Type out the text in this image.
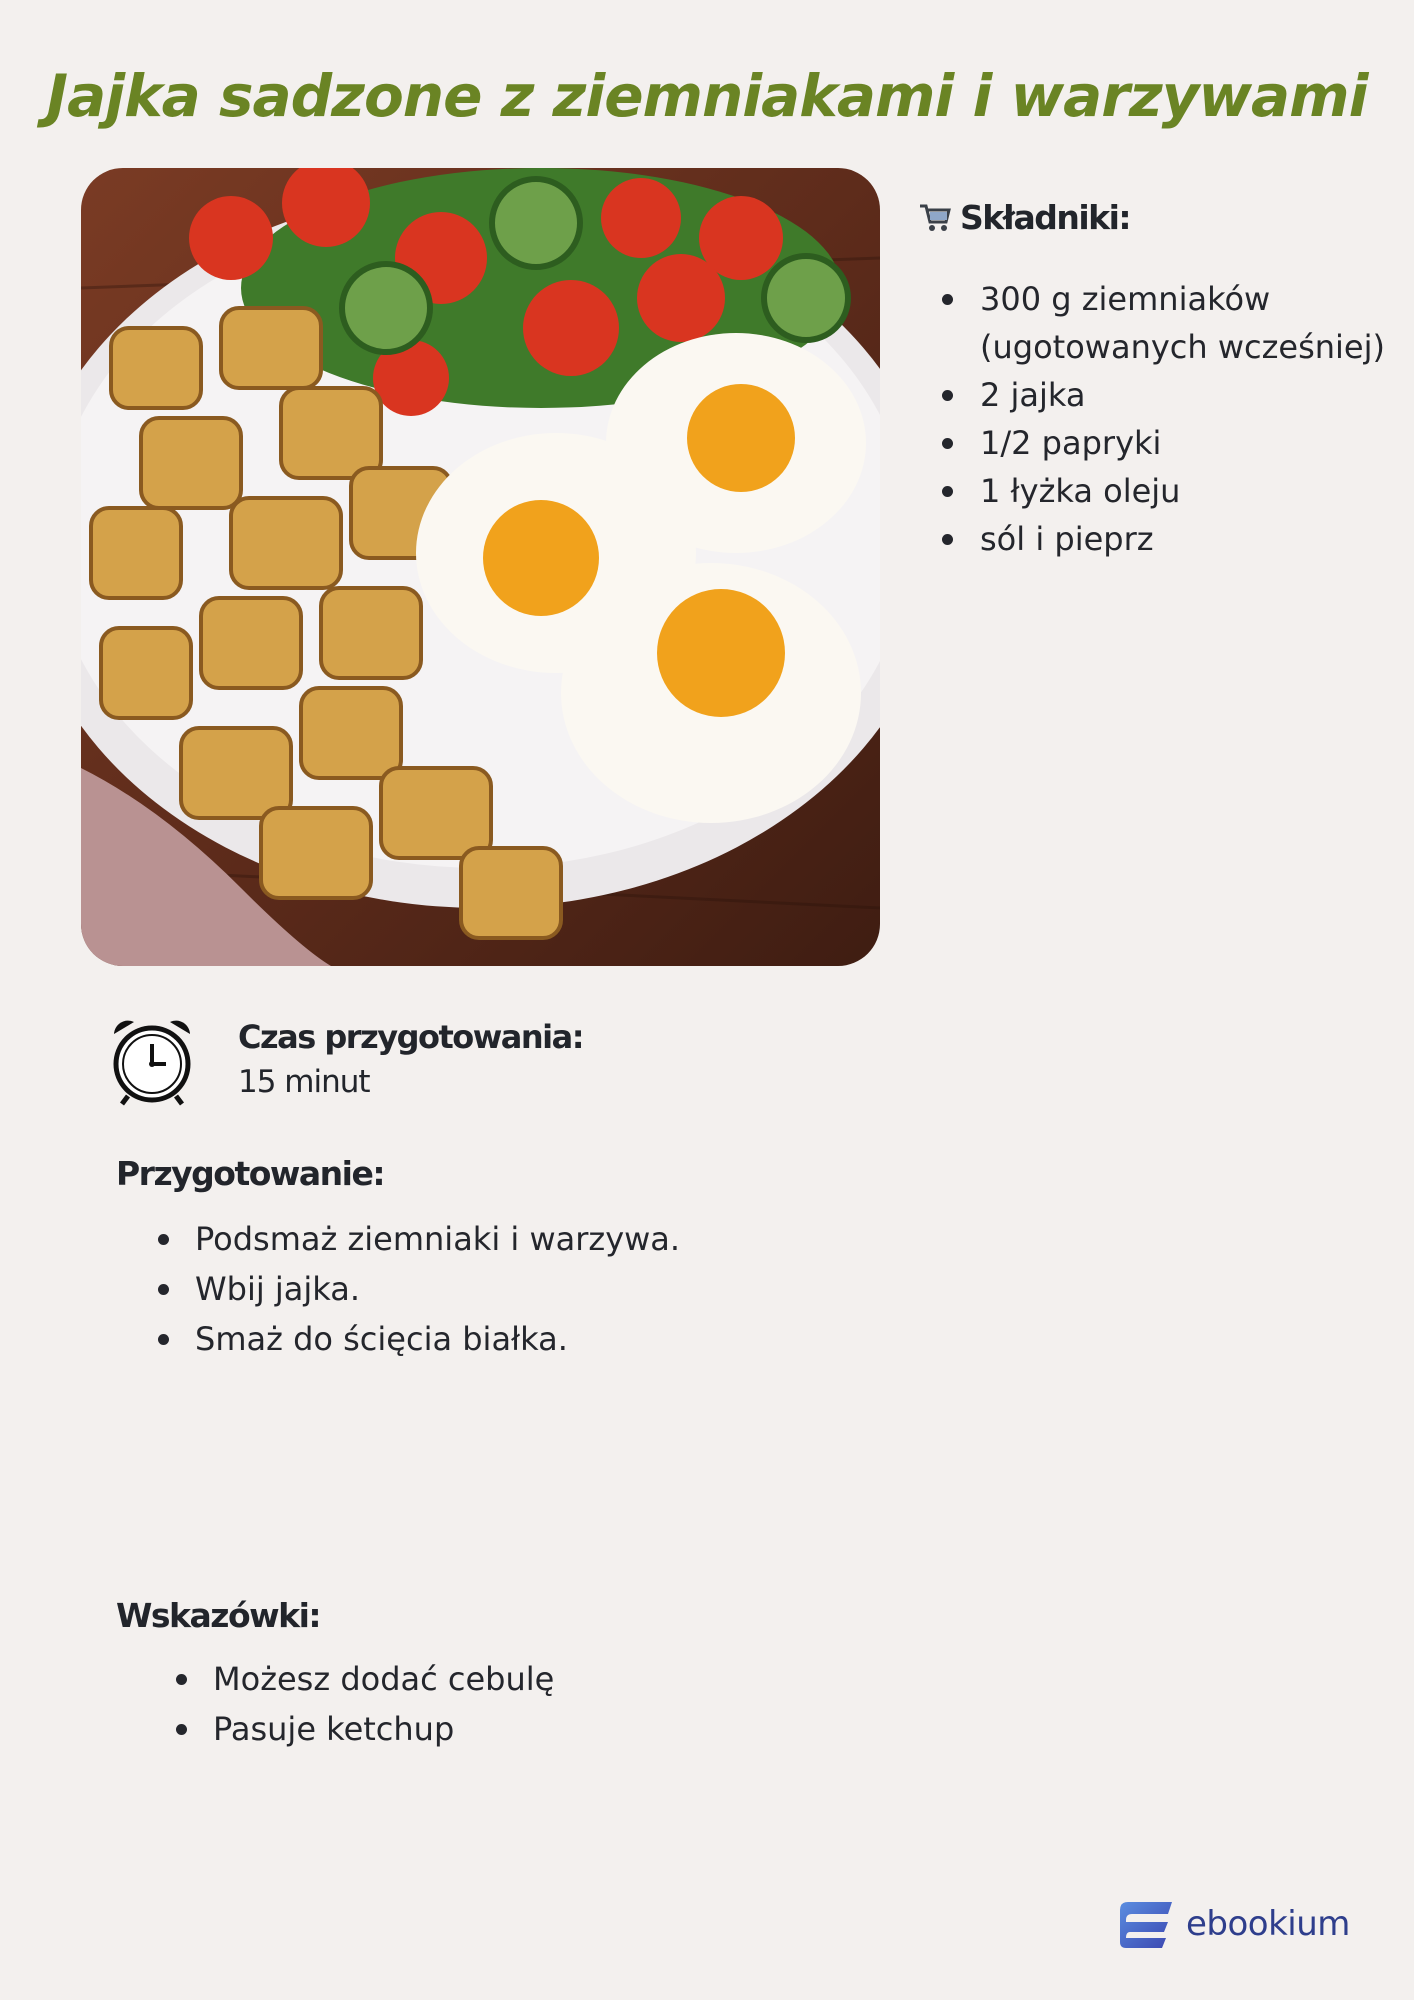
Jajka sadzone z ziemniakami i warzywami
Składniki:
300 g ziemniaków
(ugotowanych wcześniej)
2 jajka
1/2 papryki
1 łyżka oleju
sól i pieprz
Czas przygotowania:
15 minut
Przygotowanie:
Podsmaż ziemniaki i warzywa.
Wbij jajka.
Smaż do ścięcia białka.
Wskazówki:
Możesz dodać cebulę
Pasuje ketchup
ebookium
